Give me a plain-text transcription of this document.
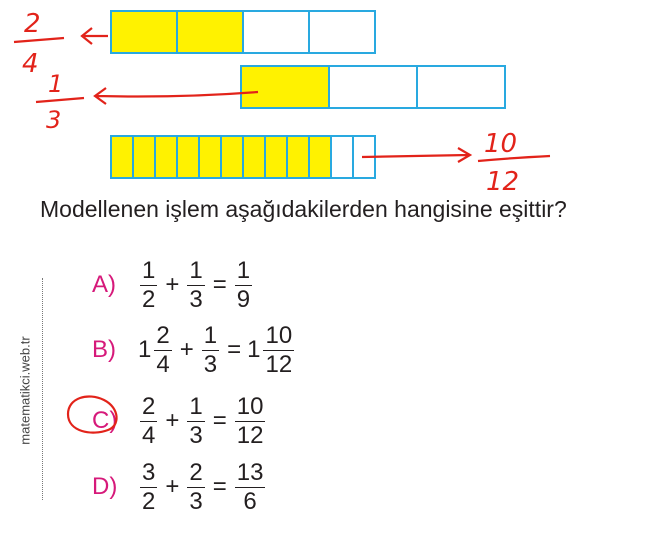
Modellenen işlem aşağıdakilerden hangisine eşittir?
matematikci.web.tr
A)	$\frac{1}{2} + \frac{1}{3} = \frac{1}{9}$
B) $1 \frac{2}{4} + \frac{1}{3} = 1 \frac{10}{12}$
$C) \frac{2}{4} + \frac{1}{3} = \frac{10}{12}$
$D) \frac{3}{2} + \frac{2}{3} = \frac{13}{6}$
2
4
1
3
10
12
